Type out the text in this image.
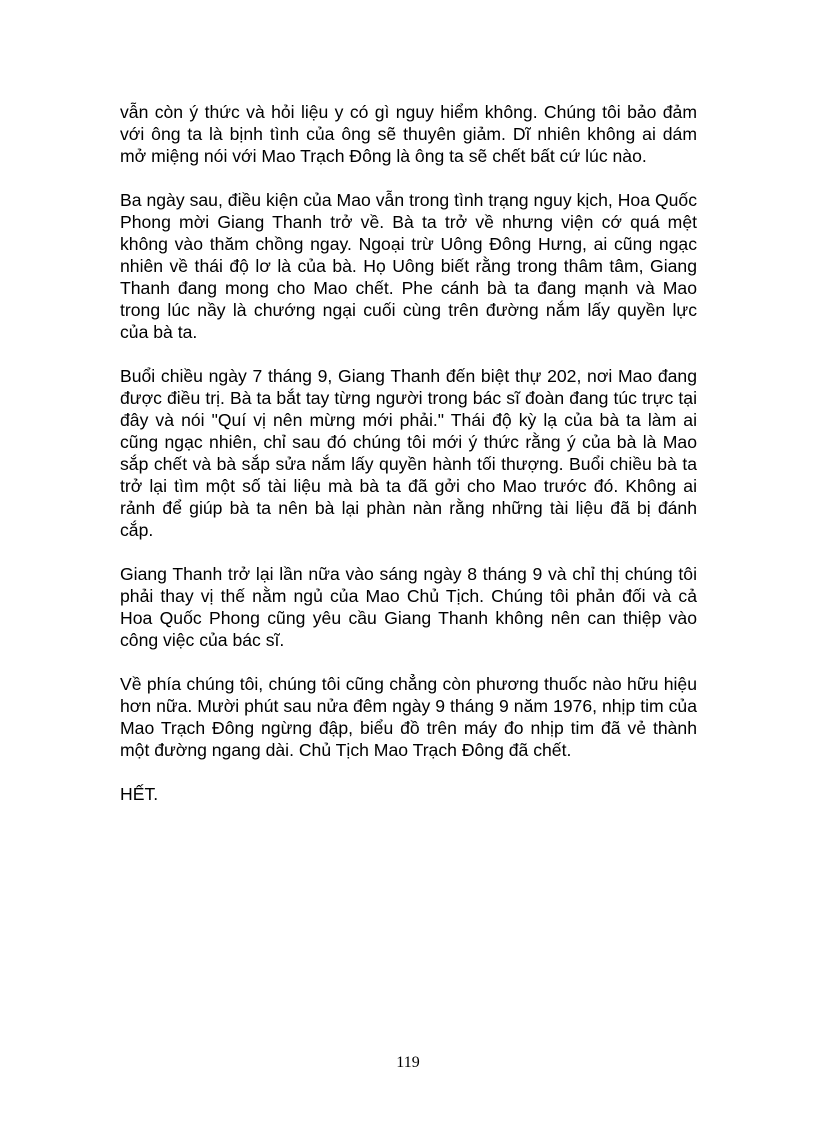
vẫn còn ý thức và hỏi liệu y có gì nguy hiểm không. Chúng tôi bảo đảm với ông ta là bịnh tình của ông sẽ thuyên giảm. Dĩ nhiên không ai dám mở miệng nói với Mao Trạch Đông là ông ta sẽ chết bất cứ lúc nào.

Ba ngày sau, điều kiện của Mao vẫn trong tình trạng nguy kịch, Hoa Quốc Phong mời Giang Thanh trở về. Bà ta trở về nhưng viện cớ quá mệt không vào thăm chồng ngay. Ngoại trừ Uông Đông Hưng, ai cũng ngạc nhiên về thái độ lơ là của bà. Họ Uông biết rằng trong thâm tâm, Giang Thanh đang mong cho Mao chết. Phe cánh bà ta đang mạnh và Mao trong lúc nầy là chướng ngại cuối cùng trên đường nắm lấy quyền lực của bà ta.

Buổi chiều ngày 7 tháng 9, Giang Thanh đến biệt thự 202, nơi Mao đang được điều trị. Bà ta bắt tay từng người trong bác sĩ đoàn đang túc trực tại đây và nói "Quí vị nên mừng mới phải." Thái độ kỳ lạ của bà ta làm ai cũng ngạc nhiên, chỉ sau đó chúng tôi mới ý thức rằng ý của bà là Mao sắp chết và bà sắp sửa nắm lấy quyền hành tối thượng. Buổi chiều bà ta trở lại tìm một số tài liệu mà bà ta đã gởi cho Mao trước đó. Không ai rảnh để giúp bà ta nên bà lại phàn nàn rằng những tài liệu đã bị đánh cắp.

Giang Thanh trở lại lần nữa vào sáng ngày 8 tháng 9 và chỉ thị chúng tôi phải thay vị thế nằm ngủ của Mao Chủ Tịch. Chúng tôi phản đối và cả Hoa Quốc Phong cũng yêu cầu Giang Thanh không nên can thiệp vào công việc của bác sĩ.

Về phía chúng tôi, chúng tôi cũng chẳng còn phương thuốc nào hữu hiệu hơn nữa. Mười phút sau nửa đêm ngày 9 tháng 9 năm 1976, nhịp tim của Mao Trạch Đông ngừng đập, biểu đồ trên máy đo nhịp tim đã vẻ thành một đường ngang dài. Chủ Tịch Mao Trạch Đông đã chết.

HẾT.

119
